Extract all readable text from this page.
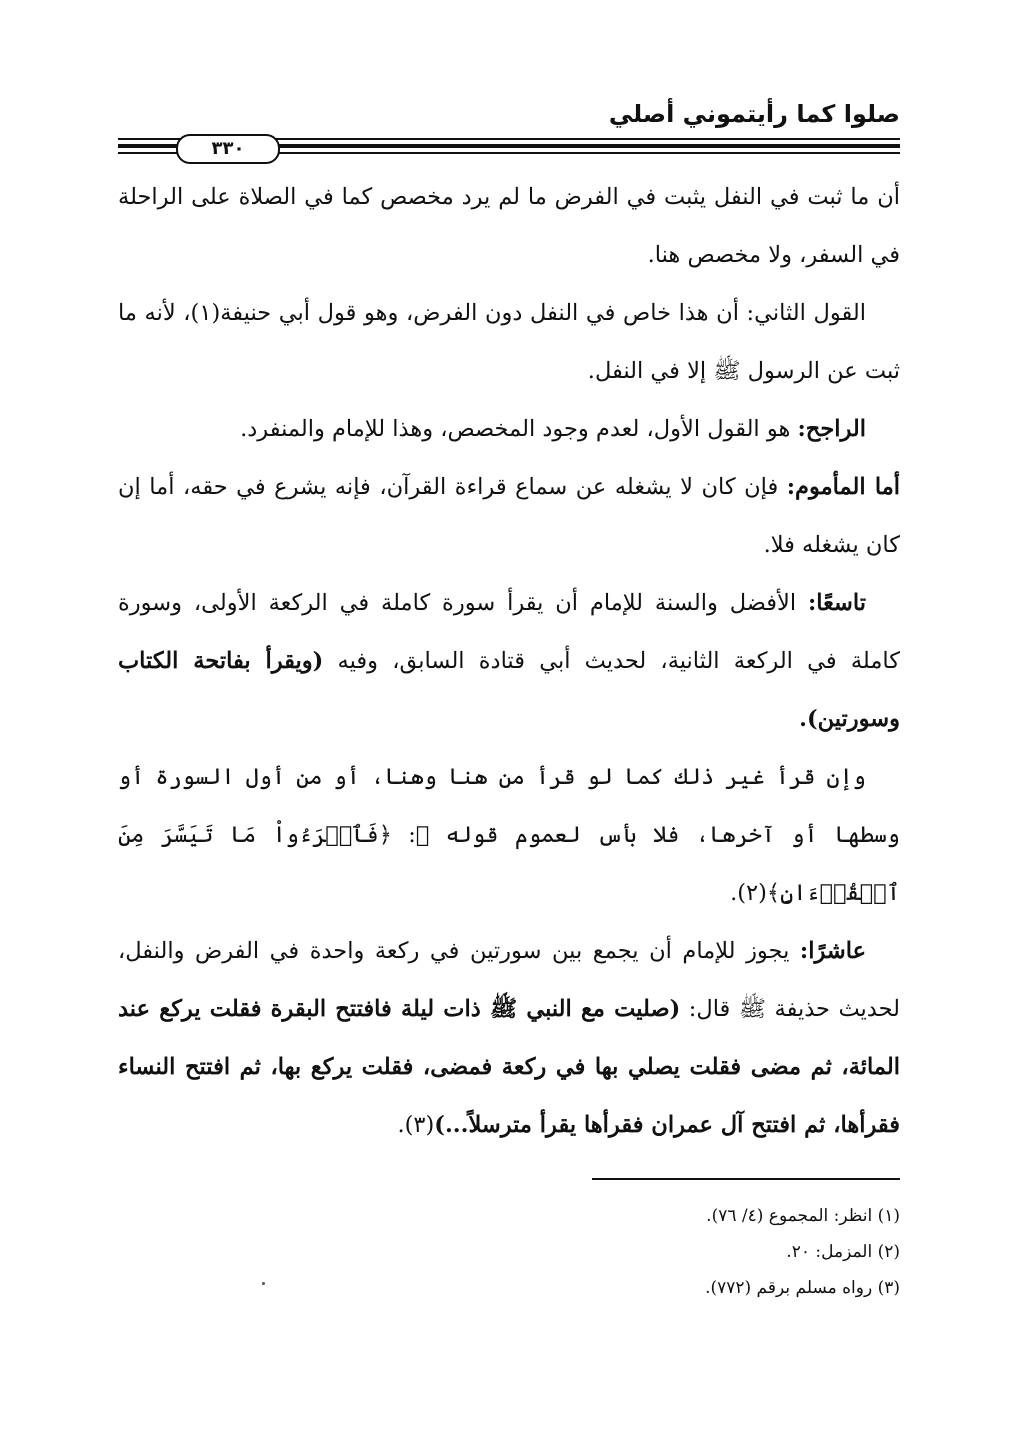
صلوا كما رأيتموني أصلي
٣٣٠

أن ما ثبت في النفل يثبت في الفرض ما لم يرد مخصص كما في الصلاة على الراحلة في السفر، ولا مخصص هنا.

القول الثاني: أن هذا خاص في النفل دون الفرض، وهو قول أبي حنيفة(١)، لأنه ما ثبت عن الرسول ﷺ إلا في النفل.

الراجح: هو القول الأول، لعدم وجود المخصص، وهذا للإمام والمنفرد.

أما المأموم: فإن كان لا يشغله عن سماع قراءة القرآن، فإنه يشرع في حقه، أما إن كان يشغله فلا.

تاسعًا: الأفضل والسنة للإمام أن يقرأ سورة كاملة في الركعة الأولى، وسورة كاملة في الركعة الثانية، لحديث أبي قتادة السابق، وفيه (ويقرأ بفاتحة الكتاب وسورتين).

وإن قرأ غير ذلك كما لو قرأ من هنا وهنا، أو من أول السورة أو وسطها أو آخرها، فلا بأس لعموم قوله ﷻ: ﴿فَٱقۡرَءُواْ مَا تَيَسَّرَ مِنَ ٱلۡقُرۡءَانِ﴾(٢).

عاشرًا: يجوز للإمام أن يجمع بين سورتين في ركعة واحدة في الفرض والنفل، لحديث حذيفة ﷺ قال: (صليت مع النبي ﷺ ذات ليلة فافتتح البقرة فقلت يركع عند المائة، ثم مضى فقلت يصلي بها في ركعة فمضى، فقلت يركع بها، ثم افتتح النساء فقرأها، ثم افتتح آل عمران فقرأها يقرأ مترسلاً...)(٣).

(١) انظر: المجموع (٤/ ٧٦).

(٢) المزمل: ٢٠.

(٣) رواه مسلم برقم (٧٧٢).
